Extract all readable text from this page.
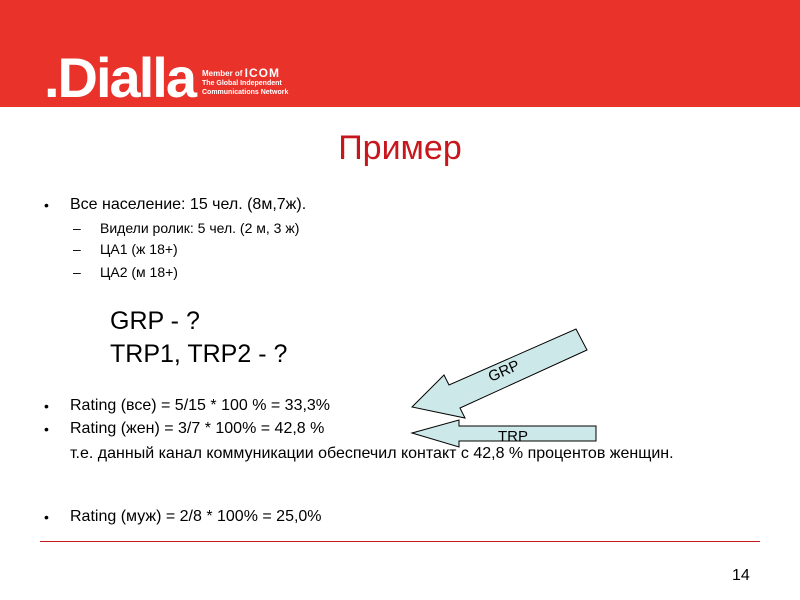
.Dialla Member of ICOM
The Global Independent
Communications Network
Пример
• Все население: 15 чел. (8м,7ж).
– Видели ролик: 5 чел. (2 м, 3 ж)
– ЦА1 (ж 18+)
– ЦА2 (м 18+)
GRP - ?
TRP1, TRP2 - ?
• Rating (все) = 5/15 * 100 % = 33,3%
• Rating (жен) = 3/7 * 100% = 42,8 %
т.е. данный канал коммуникации обеспечил контакт с 42,8 % процентов женщин.
• Rating (муж) = 2/8 * 100% = 25,0%
GRP
TRP
14
